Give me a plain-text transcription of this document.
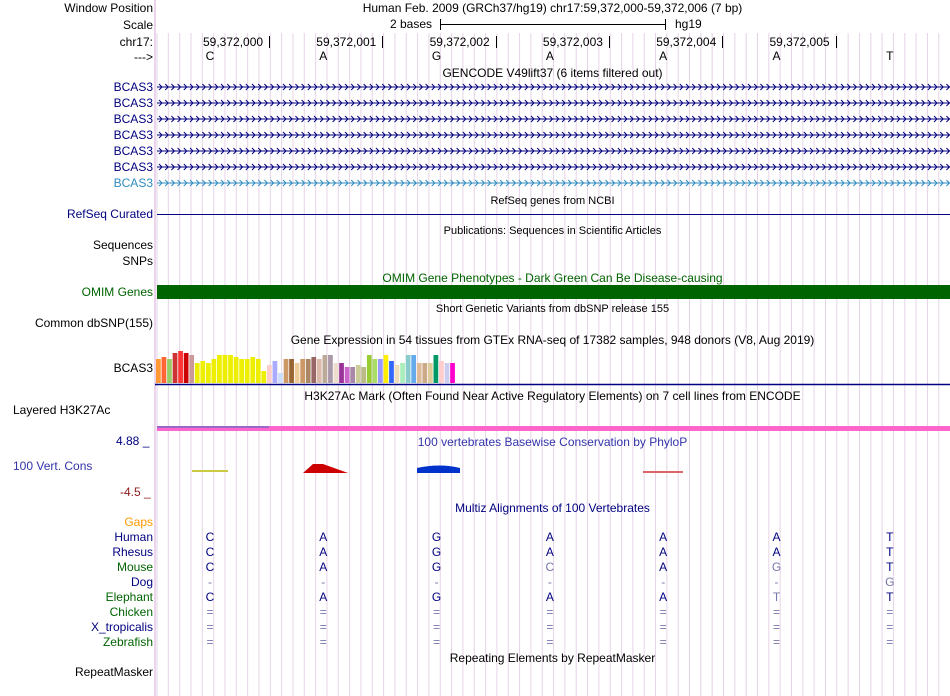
Window Position	Human Feb. 2009 (GRCh37/hg19) chr17:59,372,000-59,372,006 (7 bp)
Scale	2 bases	hg19
chr17:	59,372,000	59,372,001	59,372,002	59,372,003	59,372,004	59,372,005
--->	C	A	G	A	A	A	T
GENCODE V49lift37 (6 items filtered out)
BCAS3
BCAS3
BCAS3
BCAS3
BCAS3
BCAS3
BCAS3
RefSeq genes from NCBI
RefSeq Curated
Publications: Sequences in Scientific Articles
Sequences
SNPs
OMIM Gene Phenotypes - Dark Green Can Be Disease-causing
OMIM Genes
Short Genetic Variants from dbSNP release 155
Common dbSNP(155)
Gene Expression in 54 tissues from GTEx RNA-seq of 17382 samples, 948 donors (V8, Aug 2019)
BCAS3
H3K27Ac Mark (Often Found Near Active Regulatory Elements) on 7 cell lines from ENCODE
Layered H3K27Ac
4.88 _	100 vertebrates Basewise Conservation by PhyloP
100 Vert. Cons
-4.5 _
Multiz Alignments of 100 Vertebrates
Gaps
Human	C	A	G	A	A	A	T
Rhesus	C	A	G	A	A	A	T
Mouse	C	A	G	C	A	G	T
Dog	-	-	-	-	-	-	G
Elephant	C	A	G	A	A	T	T
Chicken	=	=	=	=	=	=	=
X_tropicalis	=	=	=	=	=	=	=
Zebrafish	=	=	=	=	=	=	=
Repeating Elements by RepeatMasker
RepeatMasker
